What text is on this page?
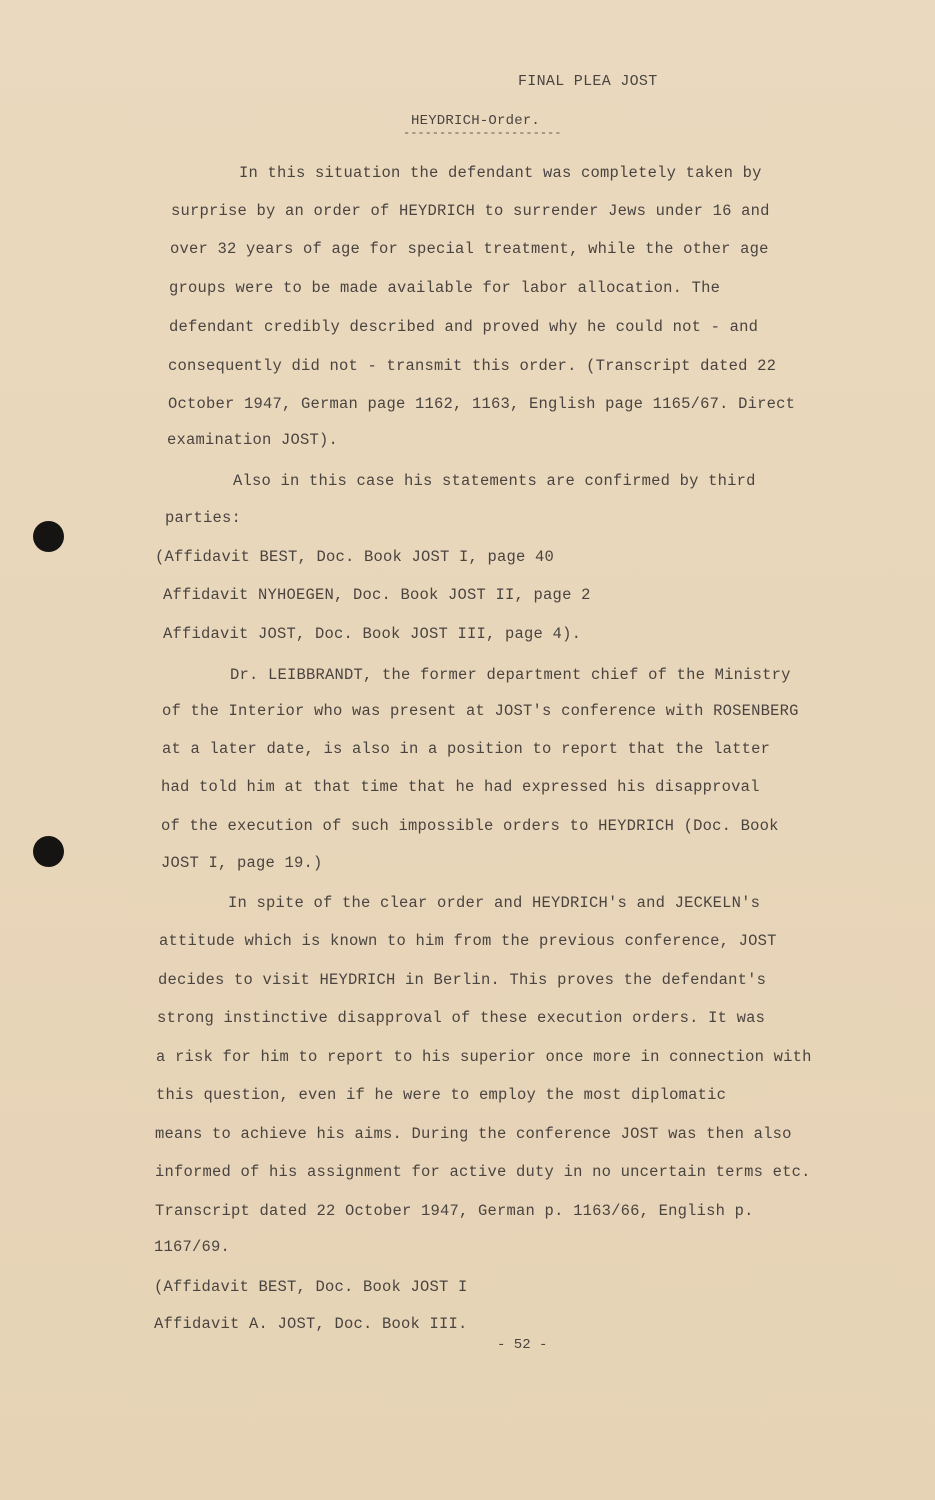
FINAL PLEA JOST
HEYDRICH-Order.
----------------------
In this situation the defendant was completely taken by
surprise by an order of HEYDRICH to surrender Jews under 16 and
over 32 years of age for special treatment, while the other age
groups were to be made available for labor allocation. The
defendant credibly described and proved why he could not - and
consequently did not - transmit this order. (Transcript dated 22
October 1947, German page 1162, 1163, English page 1165/67. Direct
examination JOST).
Also in this case his statements are confirmed by third
parties:
(Affidavit BEST, Doc. Book JOST I, page 40
Affidavit NYHOEGEN, Doc. Book JOST II, page 2
Affidavit JOST, Doc. Book JOST III, page 4).
Dr. LEIBBRANDT, the former department chief of the Ministry
of the Interior who was present at JOST's conference with ROSENBERG
at a later date, is also in a position to report that the latter
had told him at that time that he had expressed his disapproval
of the execution of such impossible orders to HEYDRICH (Doc. Book
JOST I, page 19.)
In spite of the clear order and HEYDRICH's and JECKELN's
attitude which is known to him from the previous conference, JOST
decides to visit HEYDRICH in Berlin. This proves the defendant's
strong instinctive disapproval of these execution orders. It was
a risk for him to report to his superior once more in connection with
this question, even if he were to employ the most diplomatic
means to achieve his aims. During the conference JOST was then also
informed of his assignment for active duty in no uncertain terms etc.
Transcript dated 22 October 1947, German p. 1163/66, English p.
1167/69.
(Affidavit BEST, Doc. Book JOST I
Affidavit A. JOST, Doc. Book III.
- 52 -
